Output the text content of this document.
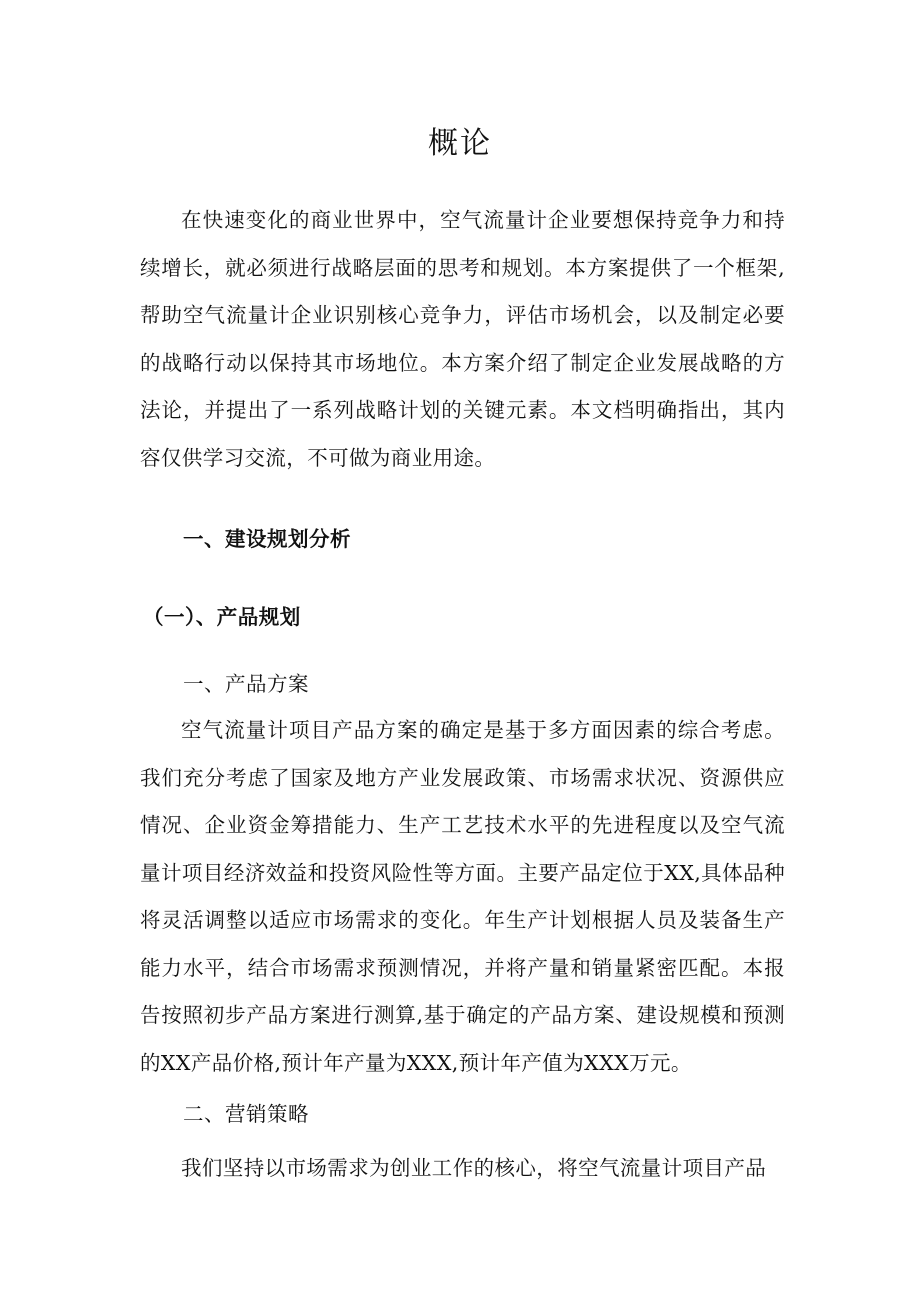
概论

在快速变化的商业世界中，空气流量计企业要想保持竞争力和持续增长，就必须进行战略层面的思考和规划。本方案提供了一个框架,帮助空气流量计企业识别核心竞争力，评估市场机会，以及制定必要的战略行动以保持其市场地位。本方案介绍了制定企业发展战略的方法论，并提出了一系列战略计划的关键元素。本文档明确指出，其内容仅供学习交流，不可做为商业用途。

一、建设规划分析
（一）、产品规划
一、产品方案

空气流量计项目产品方案的确定是基于多方面因素的综合考虑。我们充分考虑了国家及地方产业发展政策、市场需求状况、资源供应情况、企业资金筹措能力、生产工艺技术水平的先进程度以及空气流量计项目经济效益和投资风险性等方面。主要产品定位于XX,具体品种将灵活调整以适应市场需求的变化。年生产计划根据人员及装备生产能力水平，结合市场需求预测情况，并将产量和销量紧密匹配。本报告按照初步产品方案进行测算,基于确定的产品方案、建设规模和预测的XX产品价格,预计年产量为XXX,预计年产值为XXX万元。

二、营销策略

我们坚持以市场需求为创业工作的核心，将空气流量计项目产品
